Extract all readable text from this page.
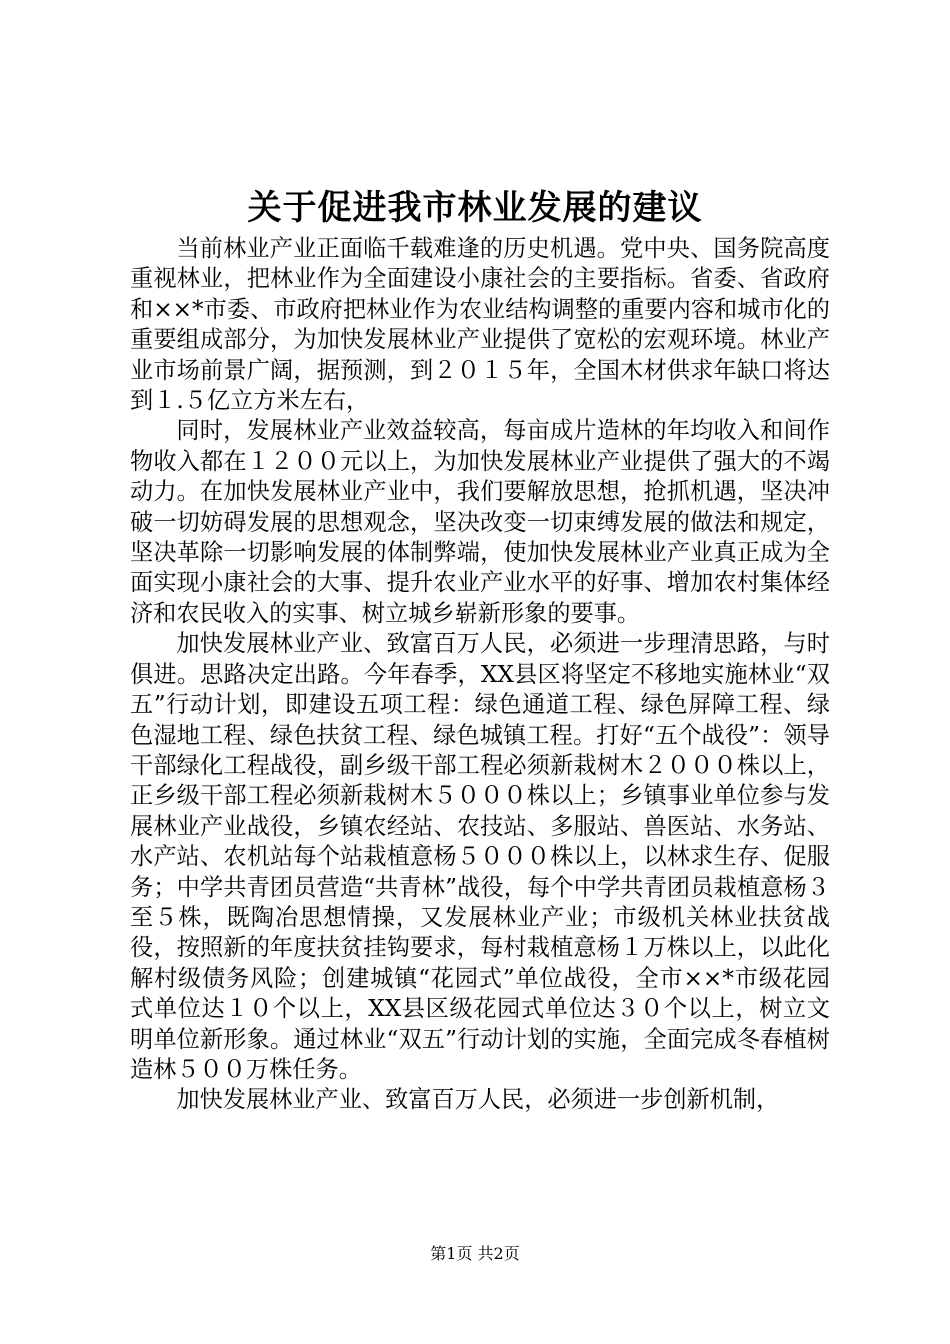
关于促进我市林业发展的建议

当前林业产业正面临千载难逢的历史机遇。党中央、国务院高度重视林业，把林业作为全面建设小康社会的主要指标。省委、省政府和××*市委、市政府把林业作为农业结构调整的重要内容和城市化的重要组成部分，为加快发展林业产业提供了宽松的宏观环境。林业产业市场前景广阔，据预测，到２０１５年，全国木材供求年缺口将达到１.５亿立方米左右，

同时，发展林业产业效益较高，每亩成片造林的年均收入和间作物收入都在１２００元以上，为加快发展林业产业提供了强大的不竭动力。在加快发展林业产业中，我们要解放思想，抢抓机遇，坚决冲破一切妨碍发展的思想观念，坚决改变一切束缚发展的做法和规定，坚决革除一切影响发展的体制弊端，使加快发展林业产业真正成为全面实现小康社会的大事、提升农业产业水平的好事、增加农村集体经济和农民收入的实事、树立城乡崭新形象的要事。

加快发展林业产业、致富百万人民，必须进一步理清思路，与时俱进。思路决定出路。今年春季，XX县区将坚定不移地实施林业“双五”行动计划，即建设五项工程：绿色通道工程、绿色屏障工程、绿色湿地工程、绿色扶贫工程、绿色城镇工程。打好“五个战役”：领导干部绿化工程战役，副乡级干部工程必须新栽树木２０００株以上，正乡级干部工程必须新栽树木５０００株以上；乡镇事业单位参与发展林业产业战役，乡镇农经站、农技站、多服站、兽医站、水务站、水产站、农机站每个站栽植意杨５０００株以上，以林求生存、促服务；中学共青团员营造“共青林”战役，每个中学共青团员栽植意杨３至５株，既陶冶思想情操，又发展林业产业；市级机关林业扶贫战役，按照新的年度扶贫挂钩要求，每村栽植意杨１万株以上，以此化解村级债务风险；创建城镇“花园式”单位战役，全市××*市级花园式单位达１０个以上，XX县区级花园式单位达３０个以上，树立文明单位新形象。通过林业“双五”行动计划的实施，全面完成冬春植树造林５００万株任务。

加快发展林业产业、致富百万人民，必须进一步创新机制，

第1页 共2页
